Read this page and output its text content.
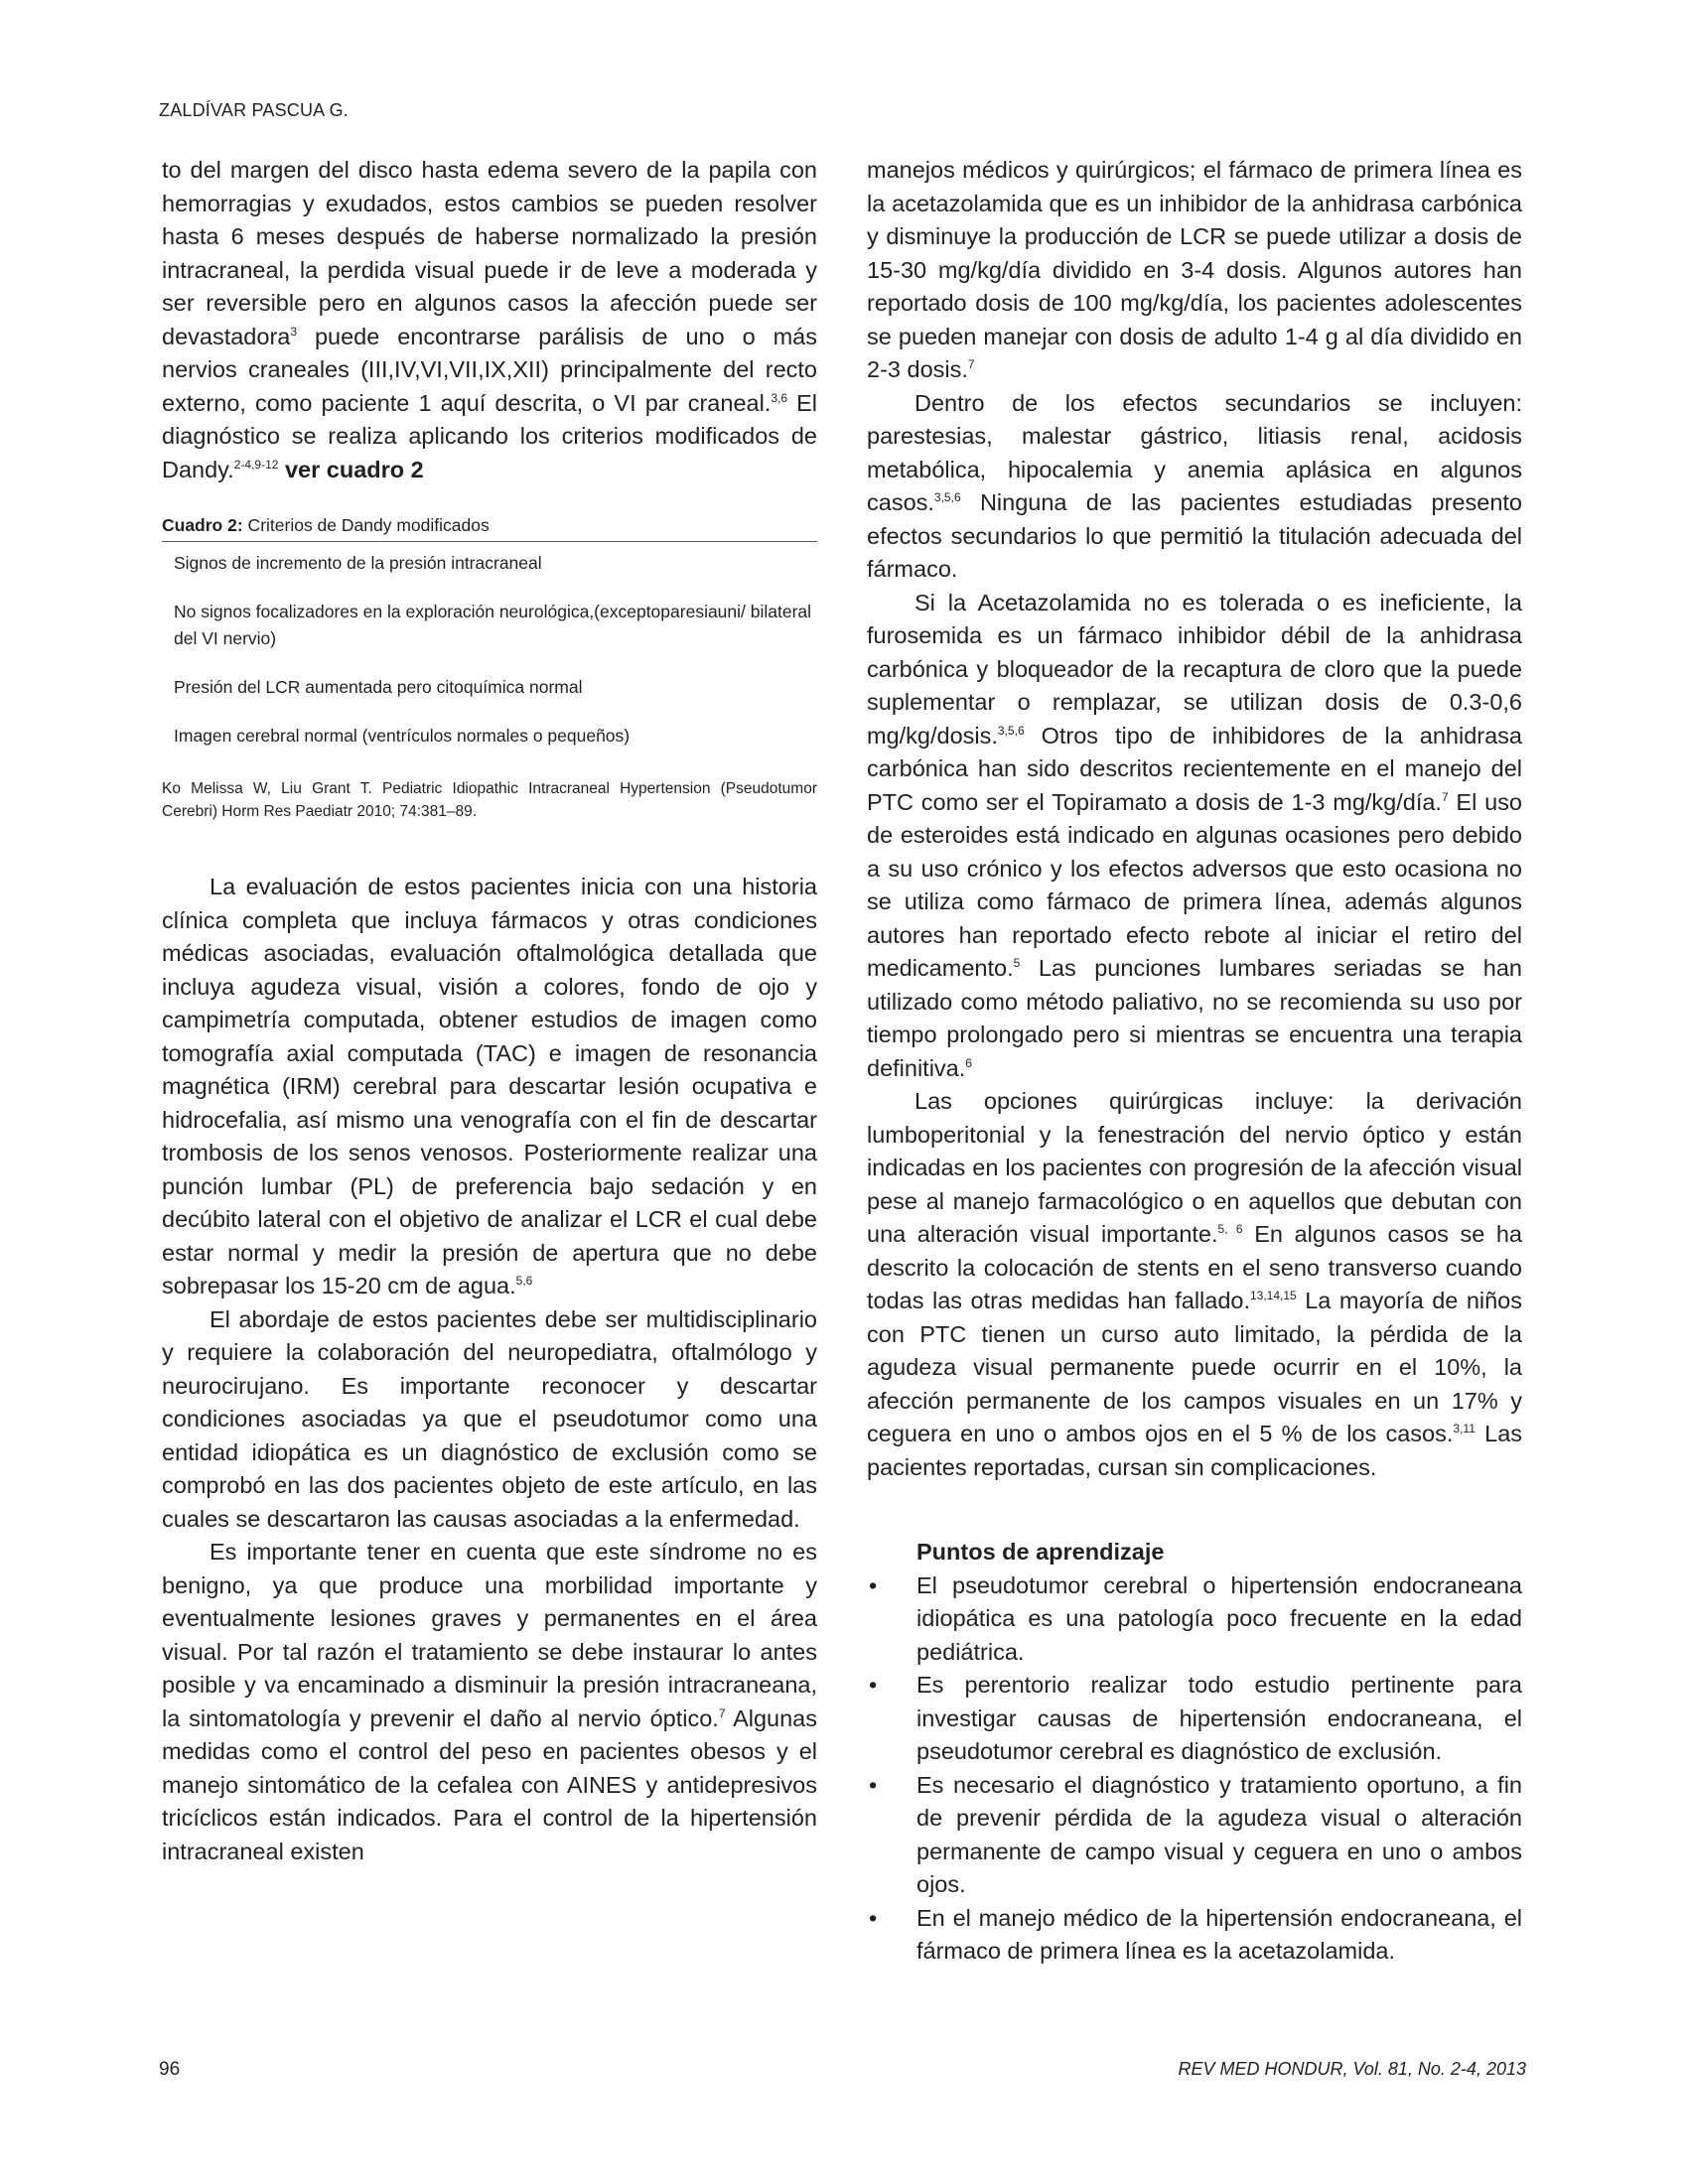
ZALDÍVAR PASCUA G.

to del margen del disco hasta edema severo de la papila con hemorragias y exudados, estos cambios se pueden resolver hasta 6 meses después de haberse normalizado la presión intracraneal, la perdida visual puede ir de leve a moderada y ser reversible pero en algunos casos la afección puede ser devastadora$^3$ puede encontrarse parálisis de uno o más nervios craneales (III,IV,VI,VII,IX,XII) principalmente del recto externo, como paciente 1 aquí descrita, o VI par craneal.$^{3,6}$ El diagnóstico se realiza aplicando los criterios modificados de Dandy.$^{2-4,9-12}$ ver cuadro 2

Cuadro 2: Criterios de Dandy modificados
Signos de incremento de la presión intracraneal
No signos focalizadores en la exploración neurológica,(exceptoparesiauni/ bilateral del VI nervio)
Presión del LCR aumentada pero citoquímica normal
Imagen cerebral normal (ventrículos normales o pequeños)
Ko Melissa W, Liu Grant T. Pediatric Idiopathic Intracraneal Hypertension (Pseudotumor Cerebri) Horm Res Paediatr 2010; 74:381–89.

La evaluación de estos pacientes inicia con una historia clínica completa que incluya fármacos y otras condiciones médicas asociadas, evaluación oftalmológica detallada que incluya agudeza visual, visión a colores, fondo de ojo y campimetría computada, obtener estudios de imagen como tomografía axial computada (TAC) e imagen de resonancia magnética (IRM) cerebral para descartar lesión ocupativa e hidrocefalia, así mismo una venografía con el fin de descartar trombosis de los senos venosos. Posteriormente realizar una punción lumbar (PL) de preferencia bajo sedación y en decúbito lateral con el objetivo de analizar el LCR el cual debe estar normal y medir la presión de apertura que no debe sobrepasar los 15-20 cm de agua.$^{5,6}$

El abordaje de estos pacientes debe ser multidisciplinario y requiere la colaboración del neuropediatra, oftalmólogo y neurocirujano. Es importante reconocer y descartar condiciones asociadas ya que el pseudotumor como una entidad idiopática es un diagnóstico de exclusión como se comprobó en las dos pacientes objeto de este artículo, en las cuales se descartaron las causas asociadas a la enfermedad.

Es importante tener en cuenta que este síndrome no es benigno, ya que produce una morbilidad importante y eventualmente lesiones graves y permanentes en el área visual. Por tal razón el tratamiento se debe instaurar lo antes posible y va encaminado a disminuir la presión intracraneana, la sintomatología y prevenir el daño al nervio óptico.$^7$ Algunas medidas como el control del peso en pacientes obesos y el manejo sintomático de la cefalea con AINES y antidepresivos tricíclicos están indicados. Para el control de la hipertensión intracraneal existen

manejos médicos y quirúrgicos; el fármaco de primera línea es la acetazolamida que es un inhibidor de la anhidrasa carbónica y disminuye la producción de LCR se puede utilizar a dosis de 15-30 mg/kg/día dividido en 3-4 dosis. Algunos autores han reportado dosis de 100 mg/kg/día, los pacientes adolescentes se pueden manejar con dosis de adulto 1-4 g al día dividido en 2-3 dosis.$^7$

Dentro de los efectos secundarios se incluyen: parestesias, malestar gástrico, litiasis renal, acidosis metabólica, hipocalemia y anemia aplásica en algunos casos.$^{3,5,6}$ Ninguna de las pacientes estudiadas presento efectos secundarios lo que permitió la titulación adecuada del fármaco.

Si la Acetazolamida no es tolerada o es ineficiente, la furosemida es un fármaco inhibidor débil de la anhidrasa carbónica y bloqueador de la recaptura de cloro que la puede suplementar o remplazar, se utilizan dosis de 0.3-0,6 mg/kg/dosis.$^{3,5,6}$ Otros tipo de inhibidores de la anhidrasa carbónica han sido descritos recientemente en el manejo del PTC como ser el Topiramato a dosis de 1-3 mg/kg/día.$^7$ El uso de esteroides está indicado en algunas ocasiones pero debido a su uso crónico y los efectos adversos que esto ocasiona no se utiliza como fármaco de primera línea, además algunos autores han reportado efecto rebote al iniciar el retiro del medicamento.$^5$ Las punciones lumbares seriadas se han utilizado como método paliativo, no se recomienda su uso por tiempo prolongado pero si mientras se encuentra una terapia definitiva.$^6$

Las opciones quirúrgicas incluye: la derivación lumboperitonial y la fenestración del nervio óptico y están indicadas en los pacientes con progresión de la afección visual pese al manejo farmacológico o en aquellos que debutan con una alteración visual importante.$^{5, 6}$ En algunos casos se ha descrito la colocación de stents en el seno transverso cuando todas las otras medidas han fallado.$^{13,14,15}$ La mayoría de niños con PTC tienen un curso auto limitado, la pérdida de la agudeza visual permanente puede ocurrir en el 10%, la afección permanente de los campos visuales en un 17% y ceguera en uno o ambos ojos en el 5 % de los casos.$^{3,11}$ Las pacientes reportadas, cursan sin complicaciones.

Puntos de aprendizaje
• El pseudotumor cerebral o hipertensión endocraneana idiopática es una patología poco frecuente en la edad pediátrica.
• Es perentorio realizar todo estudio pertinente para investigar causas de hipertensión endocraneana, el pseudotumor cerebral es diagnóstico de exclusión.
• Es necesario el diagnóstico y tratamiento oportuno, a fin de prevenir pérdida de la agudeza visual o alteración permanente de campo visual y ceguera en uno o ambos ojos.
• En el manejo médico de la hipertensión endocraneana, el fármaco de primera línea es la acetazolamida.
96	REV MED HONDUR, Vol. 81, No. 2-4, 2013
